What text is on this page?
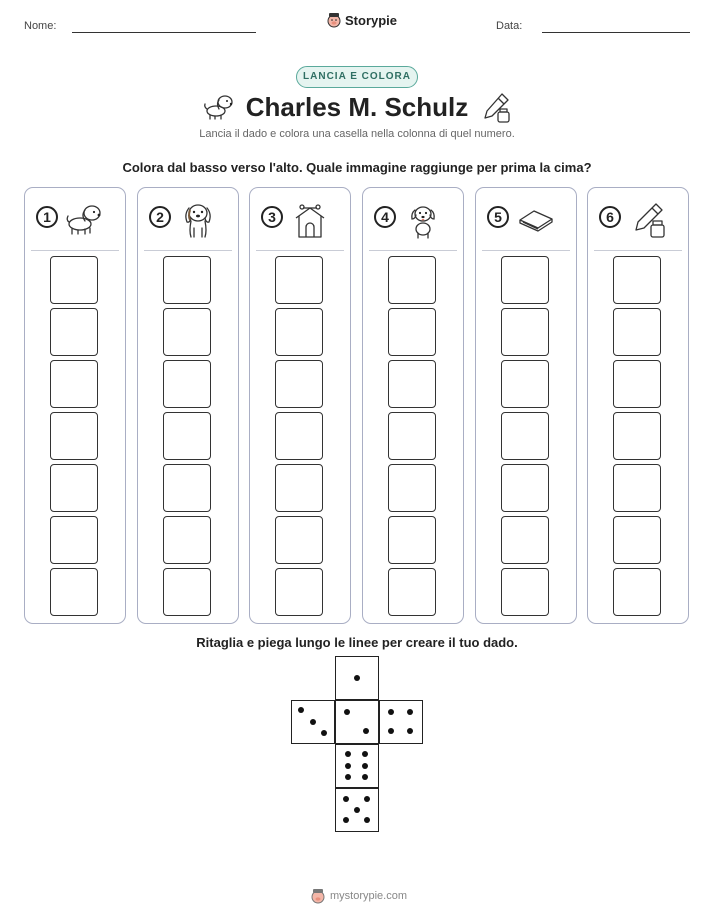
Nome:	Storypie	Data:
LANCIA E COLORA
Charles M. Schulz
Lancia il dado e colora una casella nella colonna di quel numero.
Colora dal basso verso l'alto. Quale immagine raggiunge per prima la cima?
1	2	3	4	5	6
Ritaglia e piega lungo le linee per creare il tuo dado.
mystorypie.com
